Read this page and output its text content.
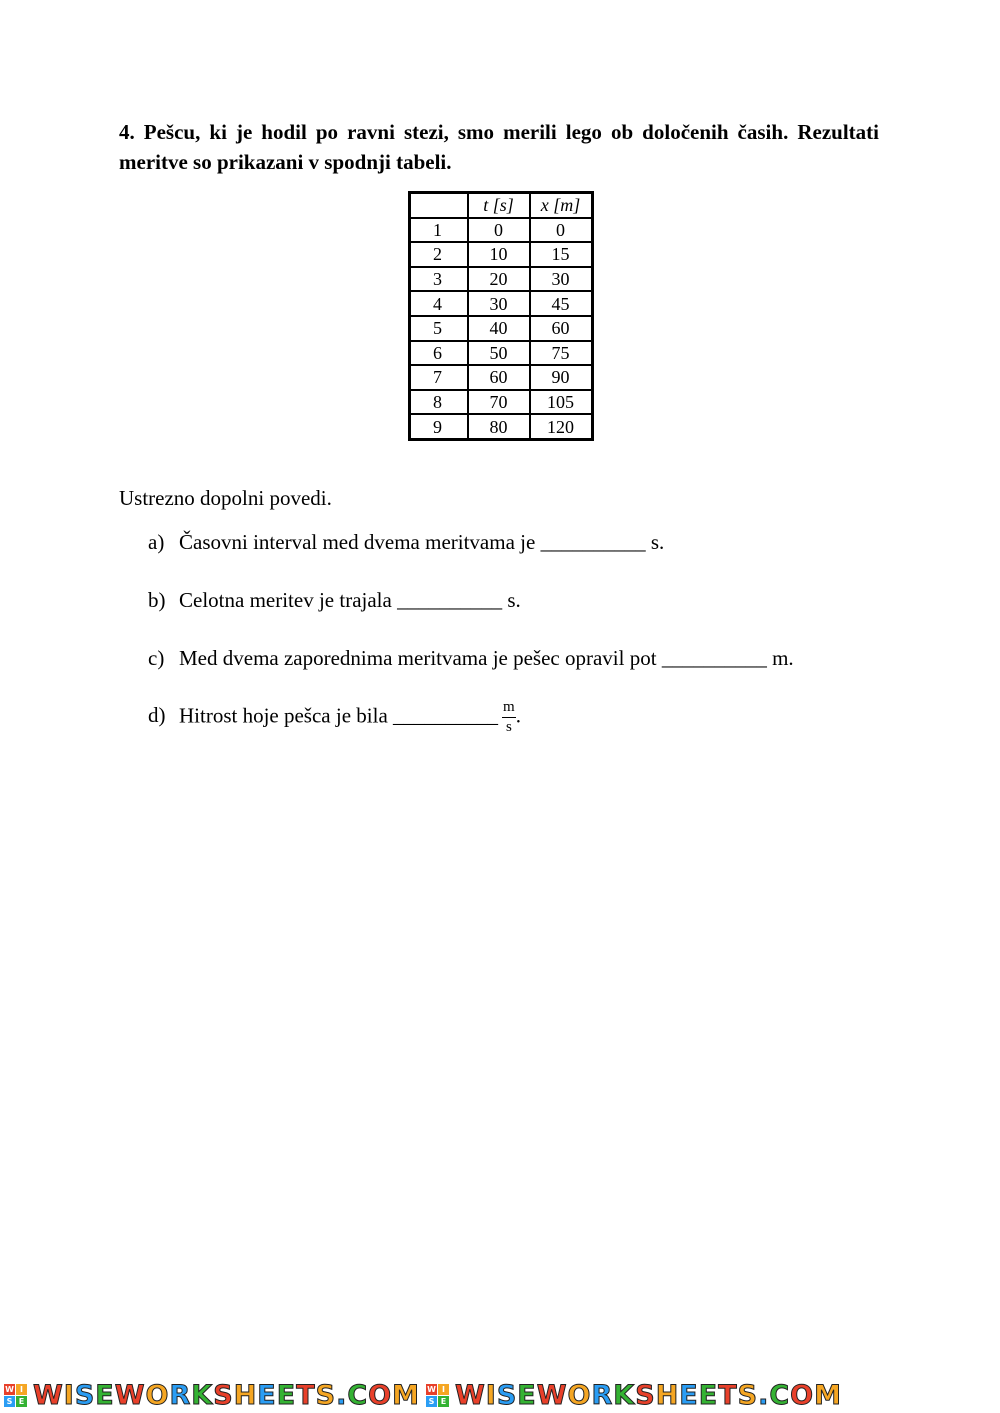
4. Pešcu, ki je hodil po ravni stezi, smo merili lego ob določenih časih. Rezultati meritve so prikazani v spodnji tabeli.
	t [s]	x [m]
1	0	0
2	10	15
3	20	30
4	30	45
5	40	60
6	50	75
7	60	90
8	70	105
9	80	120
Ustrezno dopolni povedi.
a) Časovni interval med dvema meritvama je __________ s.
b) Celotna meritev je trajala __________ s.
c) Med dvema zaporednima meritvama je pešec opravil pot __________ m.
d) Hitrost hoje pešca je bila __________ $\frac{m}{s}$ .
W I
S E WISEWORKSHEETS.COM W I
S E WISEWORKSHEETS.COM
